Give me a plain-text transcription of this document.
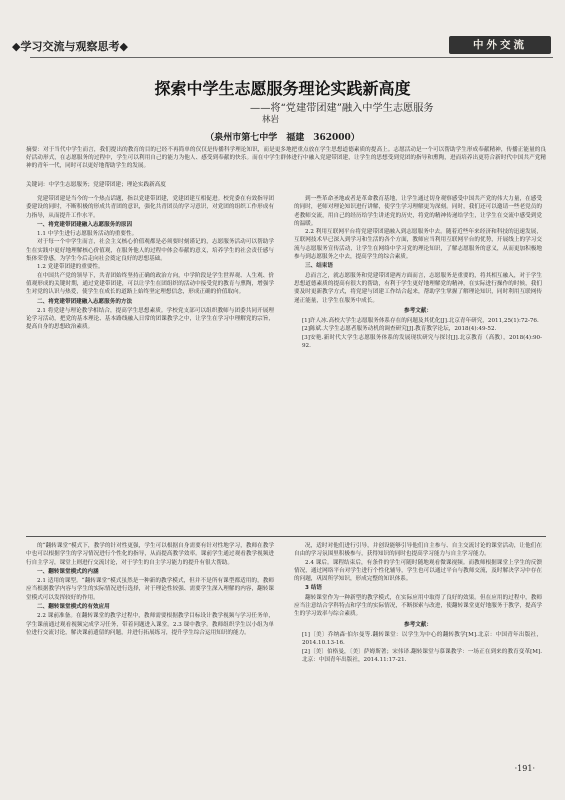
◆学习交流与观察思考◆	中外交流
探索中学生志愿服务理论实践新高度
——将“党建带团建”融入中学生志愿服务
林岩
（泉州市第七中学　福建　362000）
摘要：对于当代中学生而言，我们提出的教育的目的已经不再简单的仅仅是传播科学理论知识，而是更多地把重点放在学生思想道德素质的提高上。志愿活动是一个可以帮助学生形成奉献精神，传播正能量的良好活动形式，在志愿服务的过程中，学生可以利用自己的能力为他人、感受到奉献的快乐。而在中学生群体进行中融入党建带团建，让学生的思想受到党团的指导和熏陶，进而培养出更符合新时代中国共产党精神的青年一代，同时可以更好地帮助学生的发展。
关键词：中学生志愿服务；党建带团建；理论实践新高度

党建带团建是当今的一个热点话题，指以党建带团建，党建团建互相促进。校党委在有效指导团委建设的同时，不断积极的形成共青团的意识，强化共青团员的学习意识，对党团的组织工作形成有力指导，从而提升工作水平。

一、将党建带团建融入志愿服务的原因

1.1 中学生进行志愿服务活动的重要性。

对于每一个中学生而言，社会主义核心价值观都是必须要时刻谨记的，志愿服务活动可以帮助学生在实践中更好地理解核心价值观，在服务他人的过程中体会奉献的意义，培养学生的社会责任感与集体荣誉感，为学生今后走向社会奠定良好的思想基础。

1.2 党建带团建的重要性。

在中国共产党的领导下，共青团始终坚持正确的政治方向，中学阶段是学生世界观、人生观、价值观形成的关键时期，通过党建带团建，可以让学生在团组织的活动中接受党的教育与熏陶，增强学生对党的认识与热爱，使学生在成长的道路上始终坚定理想信念，形成正确的价值取向。

二、将党建带团建融入志愿服务的方法

2.1 将党建与理论教学相结合，提高学生思想素质。学校党支部可以组织教师与团委共同开展理论学习活动，把党的基本理论、基本路线融入日常的团课教学之中，让学生在学习中理解党的宗旨，提高自身的思想政治素质。

到一些革命圣地或者是革命教育基地，让学生通过切身观察感受中国共产党的伟大力量，在感受的同时，老师对理论知识进行讲解，使学生学习理解更为深刻。同时，我们还可以邀请一些老党员的老教师交流，用自己的经历给学生讲述党的历史，将党的精神传递给学生，让学生在交流中感受到党的温暖。

2.2 利用互联网平台将党建带团建融入到志愿服务中去。随着近些年来经济和科技的迅速发展，互联网技术早已深入到学习和生活的各个方面，教师应当利用互联网平台的优势，开展线上的学习交流与志愿服务宣传活动，让学生在网络中学习党的理论知识，了解志愿服务的意义，从而更加积极地参与到志愿服务之中去，提高学生的综合素质。

三、结束语

总而言之，就志愿服务和党建带团建两方面而言，志愿服务是重要的，将其相互融入，对于学生思想道德素质的提高有很大的帮助，有利于学生更好地理解党的精神，在实际进行操作的时候，我们要及时更新教学方式，将党建与团建工作结合起来，帮助学生掌握了解理论知识，同时利用互联网传递正能量，让学生在服务中成长。

参考文献：

[1]许人冰.高校大学生志愿服务体系存在的问题及其优化[J].北京青年研究，2011,25(1):72-76.

[2]陈斌.大学生志愿者服务动机的调查研究[J].教育教学论坛，2018(4):49-52.

[3]安艳.新时代大学生志愿服务体系的发展现状研究与探讨[J].北京教育（高教），2018(4):90-92.

的“翻转课堂”模式下，教学的针对性更强，学生可以根据自身需要有针对性地学习，教师在教学中也可以根据学生的学习情况进行个性化的指导，从而提高教学效率。课前学生通过观看教学视频进行自主学习，课堂上则进行交流讨论，对于学生的自主学习能力的提升有很大帮助。

一、翻转课堂模式的内涵

2.1 适用的课型。“翻转课堂”模式虽然是一种新的教学模式，但并不是所有课型都适用的，教师应当根据教学内容与学生的实际情况进行选择，对于理论性较强、需要学生深入理解的内容，翻转课堂模式可以发挥较好的作用。

二、翻转课堂模式的有效应用

2.2 课前准备。在翻转课堂的教学过程中，教师需要根据教学目标设计教学视频与学习任务单，学生课前通过观看视频完成学习任务，带着问题进入课堂。2.3 课中教学。教师组织学生以小组为单位进行交流讨论，解决课前遗留的问题，并进行拓展练习，提升学生综合运用知识的能力。

况，适时对他们进行引导，并创设能够引导他们自主参与、自主交流讨论的课堂活动，让他们在自由的学习氛围里积极参与，获得知识的同时也提高学习能力与自主学习能力。

2.4 课后。课程结束后，有条件的学生可随时随地观看微课视频。而教师根据课堂上学生的反馈情况，通过网络平台对学生进行个性化辅导，学生也可以通过平台与教师交流，及时解决学习中存在的问题，巩固所学知识，形成完整的知识体系。

3 结语

翻转课堂作为一种新型的教学模式，在实际应用中取得了良好的效果。但在应用的过程中，教师应当注意结合学科特点和学生的实际情况，不断探索与改进，使翻转课堂更好地服务于教学，提高学生的学习效率与综合素质。

参考文献：

[1]〔美〕乔纳森·伯尔曼等.翻转课堂：以学生为中心的翻转教学[M].北京：中国青年出版社，2014.10.13-16.

[2]〔美〕伯格曼，〔美〕萨姆斯著；宋伟译.翻转课堂与慕课教学：一场正在到来的教育变革[M].北京：中国青年出版社，2014.11:17-21.

·191·
